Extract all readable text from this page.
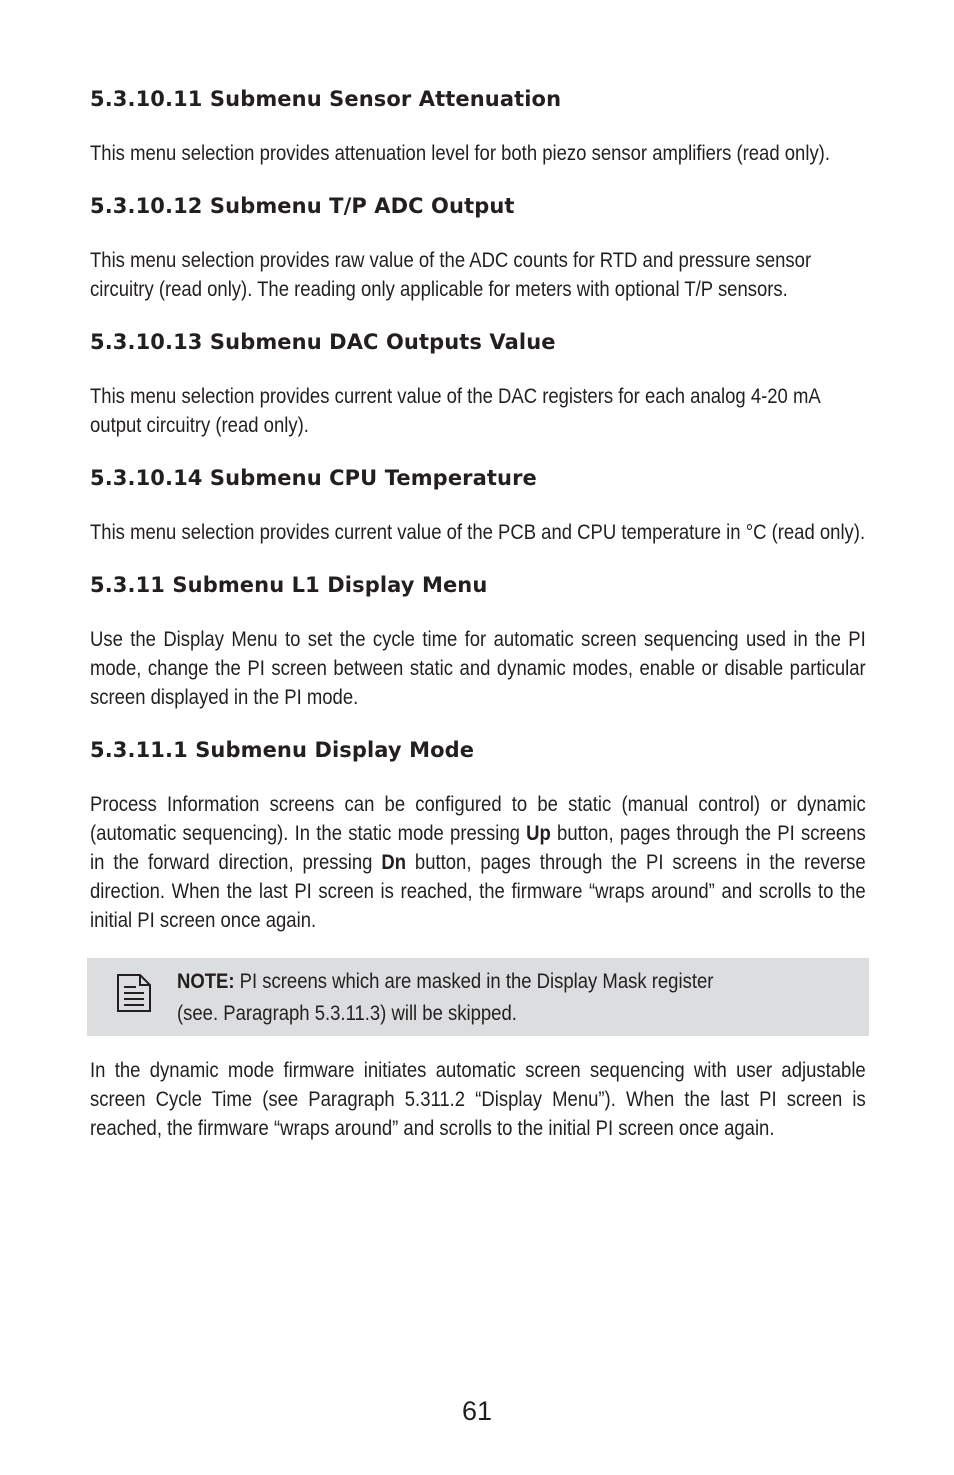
5.3.10.11 Submenu Sensor Attenuation

This menu selection provides attenuation level for both piezo sensor amplifiers (read only).

5.3.10.12 Submenu T/P ADC Output

This menu selection provides raw value of the ADC counts for RTD and pressure sensor circuitry (read only). The reading only applicable for meters with optional T/P sensors.

5.3.10.13 Submenu DAC Outputs Value

This menu selection provides current value of the DAC registers for each analog 4-20 mA output circuitry (read only).

5.3.10.14 Submenu CPU Temperature

This menu selection provides current value of the PCB and CPU temperature in °C (read only).

5.3.11 Submenu L1 Display Menu

Use the Display Menu to set the cycle time for automatic screen sequencing used in the PI mode, change the PI screen between static and dynamic modes, enable or disable particular screen displayed in the PI mode.

5.3.11.1 Submenu Display Mode

Process Information screens can be configured to be static (manual control) or dynamic (automatic sequencing). In the static mode pressing Up button, pages through the PI screens in the forward direction, pressing Dn button, pages through the PI screens in the reverse direction. When the last PI screen is reached, the firmware “wraps around” and scrolls to the initial PI screen once again.

NOTE: PI screens which are masked in the Display Mask register
(see. Paragraph 5.3.11.3) will be skipped.

In the dynamic mode firmware initiates automatic screen sequencing with user adjustable screen Cycle Time (see Paragraph 5.311.2 “Display Menu”). When the last PI screen is reached, the firmware “wraps around” and scrolls to the initial PI screen once again.

61
